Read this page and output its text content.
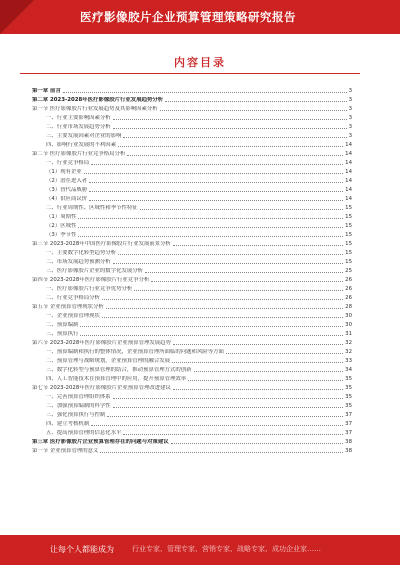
医疗影像胶片企业预算管理策略研究报告
内容目录
第一章 前言	3
第二章 2023-2028年医疗影像胶片行业发展趋势分析	3
第一节 医疗影像胶片行业发展趋势及其影响因素分析	3
一、行业主要影响因素分析	3
二、行业市场发展趋势分析	3
三、主要发展因素对企业的影响	3
四、影响行业发展的不利因素	14
第二节 医疗影像胶片行业竞争格局分析	14
一、行业竞争格局	14
（1）现有企业	14
（2）潜在进入者	14
（3）替代品威胁	14
（4）供应商议价	14
二、行业周期性、区域性和季节性特征	15
（1）周期性	15
（2）区域性	15
（3）季节性	15
第三节 2023-2028年中国医疗影像胶片行业发展前景分析	15
一、主要数字化转型趋势分析	15
二、市场发展趋势预测分析	15
三、医疗影像胶片企业的数字化发展分析	25
第四节 2023-2028年医疗影像胶片行业竞争分析	26
一、医疗影像胶片行业竞争优势分析	26
二、行业竞争格局分析	26
第五节 企业预算管理现状分析	28
一、企业预算管理现状	30
二、预算编制	30
三、预算执行	31
第六节 2023-2028年医疗影像胶片企业预算管理发展趋势	32
一、预算编制和执行的整体情况，企业预算管理所面临的问题和风险等方面	32
二、预算管理与战略规划，企业预算管理的融合发展	33
三、数字化转型与预算管理的结合，推动预算管理方式的创新	34
四、人工智能技术在预算管理中的应用，提升预算管理效率	35
第七节 2023-2028年医疗影像胶片企业预算管理改进建议	35
一、完善预算管理组织体系	35
二、加强预算编制的科学性	35
三、强化预算执行与控制	37
四、建立考核机制	37
五、提高预算管理的信息化水平	37
第三章 医疗影像胶片企业预算管理存在的问题与对策建议	38
第一节 企业预算管理的意义	38
让每个人都能成为	行业专家、管理专家、营销专家、战略专家、成功企业家……
